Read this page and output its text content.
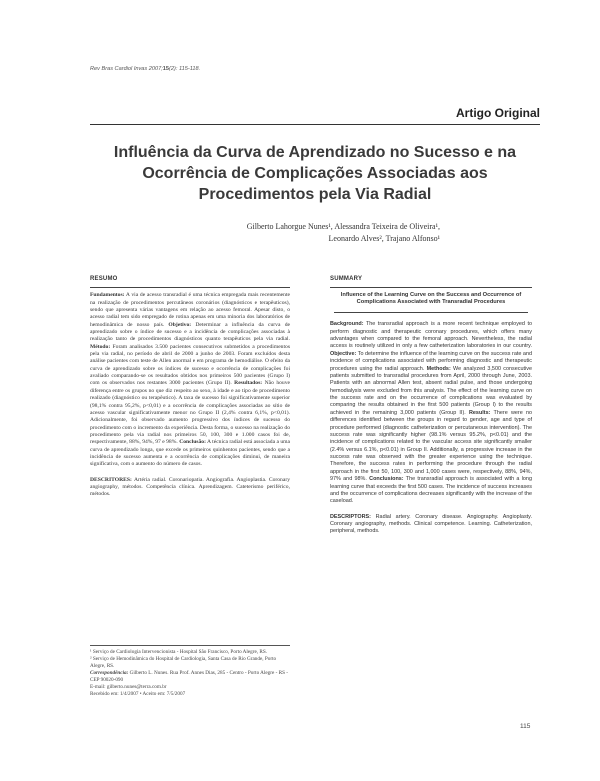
Rev Bras Cardiol Invas 2007;15(2): 115-118.
Artigo Original
Influência da Curva de Aprendizado no Sucesso e na Ocorrência de Complicações Associadas aos Procedimentos pela Via Radial
Gilberto Lahorgue Nunes¹, Alessandra Teixeira de Oliveira¹,
Leonardo Alves², Trajano Alfonso¹
RESUMO

Fundamentos: A via de acesso transradial é uma técnica empregada mais recentemente na realização de procedimentos percutâneos coronários (diagnósticos e terapêuticos), sendo que apresenta várias vantagens em relação ao acesso femoral. Apesar disto, o acesso radial tem sido empregado de rotina apenas em uma minoria dos laboratórios de hemodinâmica de nosso país. Objetivo: Determinar a influência da curva de aprendizado sobre o índice de sucesso e a incidência de complicações associadas à realização tanto de procedimentos diagnósticos quanto terapêuticos pela via radial. Método: Foram analisados 3.500 pacientes consecutivos submetidos a procedimentos pela via radial, no período de abril de 2000 a junho de 2003. Foram excluídos desta análise pacientes com teste de Allen anormal e em programa de hemodiálise. O efeito da curva de aprendizado sobre os índices de sucesso e ocorrência de complicações foi avaliado comparando-se os resultados obtidos nos primeiros 500 pacientes (Grupo I) com os observados nos restantes 3000 pacientes (Grupo II). Resultados: Não houve diferença entre os grupos no que diz respeito ao sexo, à idade e ao tipo de procedimento realizado (diagnóstico ou terapêutico). A taxa de sucesso foi significativamente superior (98,1% contra 95,2%, p<0,01) e a ocorrência de complicações associadas ao sítio de acesso vascular significativamente menor no Grupo II (2,4% contra 6,1%, p<0,01). Adicionalmente, foi observado aumento progressivo dos índices de sucesso do procedimento com o incremento da experiência. Desta forma, o sucesso na realização do procedimento pela via radial nos primeiros 50, 100, 300 e 1.000 casos foi de, respectivamente, 88%, 94%, 97 e 98%. Conclusão: A técnica radial está associada a uma curva de aprendizado longa, que excede os primeiros quinhentos pacientes, sendo que a incidência de sucesso aumenta e a ocorrência de complicações diminui, de maneira significativa, com o aumento do número de casos.

DESCRITORES: Artéria radial. Coronariopatia. Angiografia. Angioplastia. Coronary angiography, métodos. Competência clínica. Aprendizagem. Cateterismo periférico, métodos.

SUMMARY
Influence of the Learning Curve on the Success and Occurrence of Complications Associated with Transradial Procedures

Background: The transradial approach is a more recent technique employed to perform diagnostic and therapeutic coronary procedures, which offers many advantages when compared to the femoral approach. Nevertheless, the radial access is routinely utilized in only a few catheterization laboratories in our country. Objective: To determine the influence of the learning curve on the success rate and incidence of complications associated with performing diagnostic and therapeutic procedures using the radial approach. Methods: We analyzed 3,500 consecutive patients submitted to transradial procedures from April, 2000 through June, 2003. Patients with an abnormal Allen test, absent radial pulse, and those undergoing hemodialysis were excluded from this analysis. The effect of the learning curve on the success rate and on the occurrence of complications was evaluated by comparing the results obtained in the first 500 patients (Group I) to the results achieved in the remaining 3,000 patients (Group II). Results: There were no differences identified between the groups in regard to gender, age and type of procedure performed (diagnostic catheterization or percutaneous intervention). The success rate was significantly higher (98.1% versus 95.2%, p<0.01) and the incidence of complications related to the vascular access site significantly smaller (2.4% versus 6.1%, p<0.01) in Group II. Additionally, a progressive increase in the success rate was observed with the greater experience using the technique. Therefore, the success rates in performing the procedure through the radial approach in the first 50, 100, 300 and 1,000 cases were, respectively, 88%, 94%, 97% and 98%. Conclusions: The transradial approach is associated with a long learning curve that exceeds the first 500 cases. The incidence of success increases and the occurrence of complications decreases significantly with the increase of the caseload.

DESCRIPTORS: Radial artery. Coronary disease. Angiography. Angioplasty. Coronary angiography, methods. Clinical competence. Learning. Catheterization, peripheral, methods.

¹ Serviço de Cardiologia Intervencionista - Hospital São Francisco, Porto Alegre, RS.

² Serviço de Hemodinâmica do Hospital de Cardiologia, Santa Casa de Rio Grande, Porto Alegre, RS.

Correspondência: Gilberto L. Nunes. Rua Prof. Annes Dias, 285 - Centro - Porto Alegre - RS - CEP 90020-090

E-mail: gilberto.nunes@terra.com.br

Recebido em: 1/4/2007 • Aceito em: 7/5/2007

115
